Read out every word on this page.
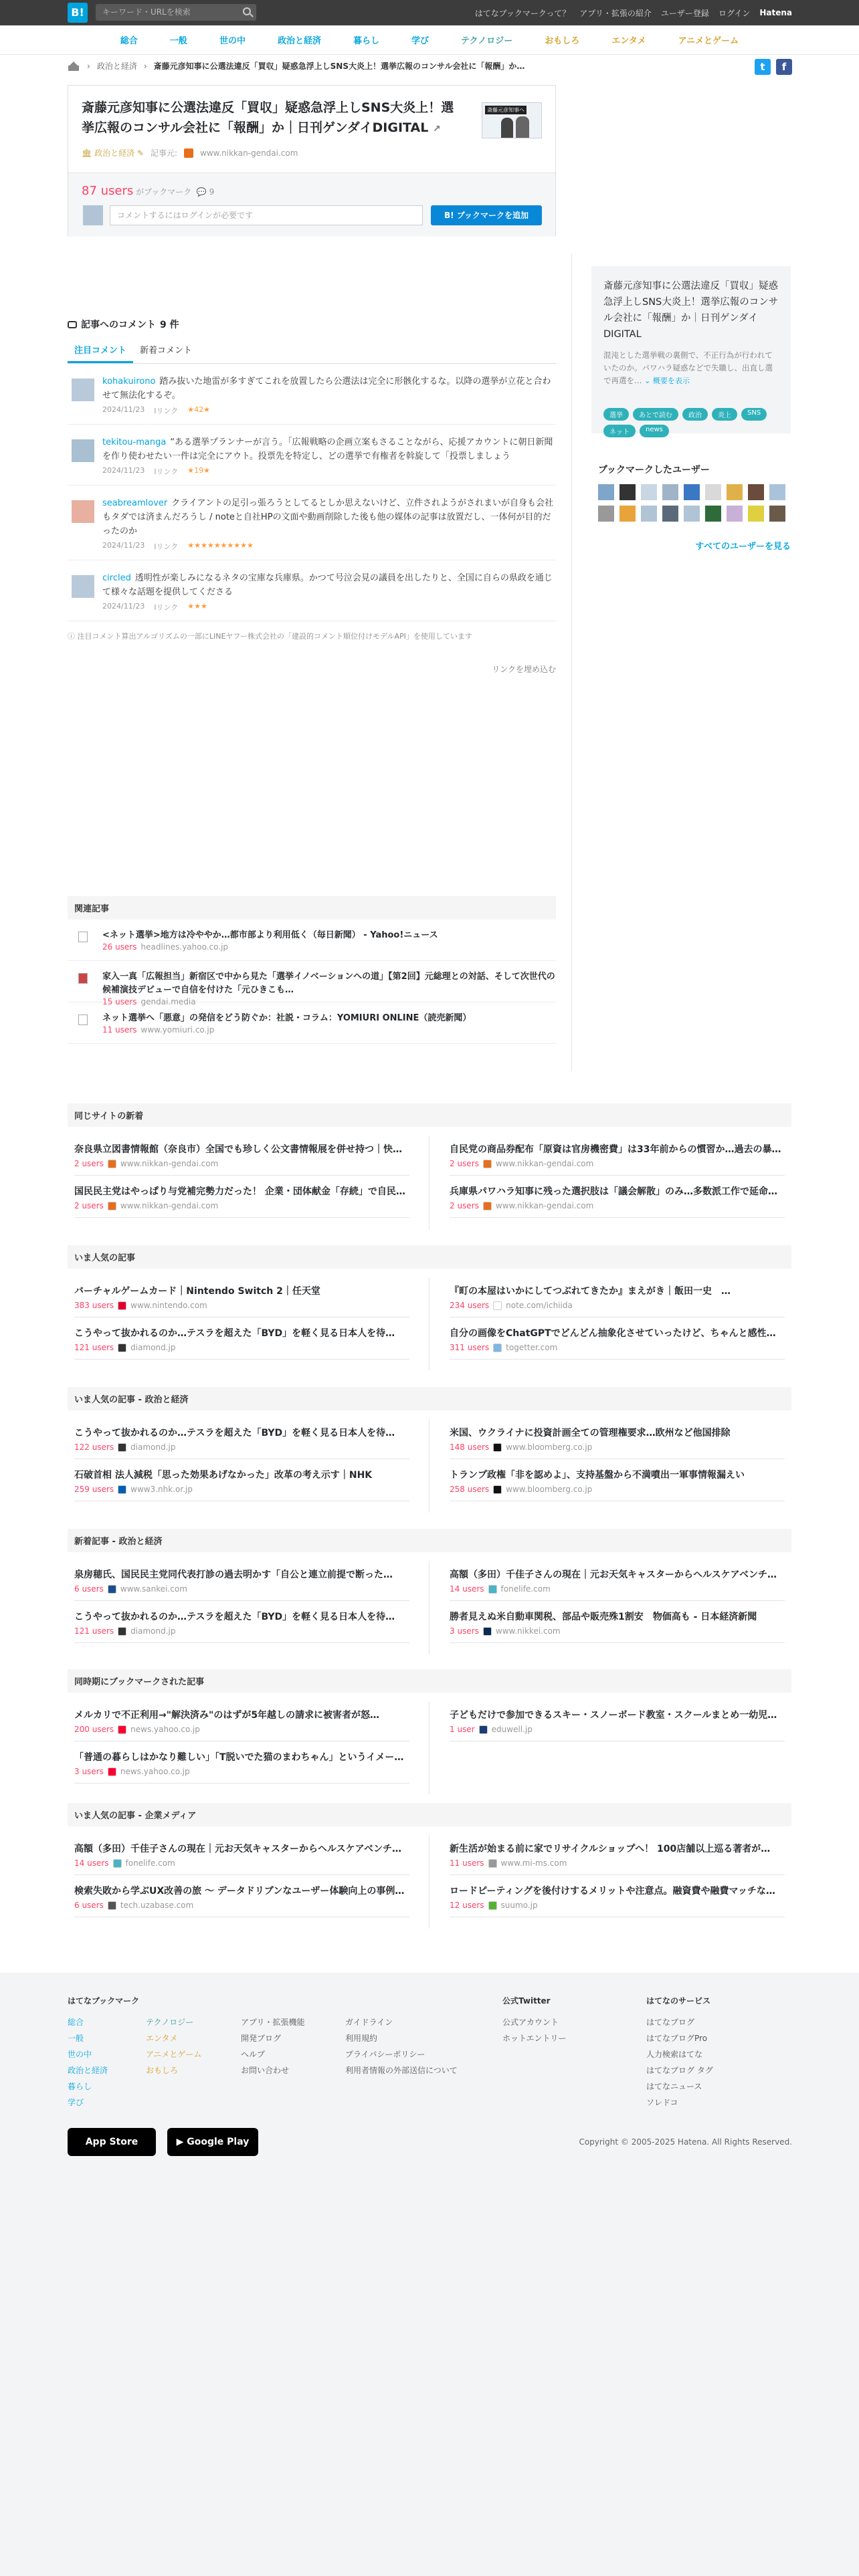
B!	キーワード・URLを検索	はてなブックマークって？ アプリ・拡張の紹介 ユーザー登録 ログイン Hatena
総合	一般	世の中	政治と経済	暮らし	学び	テクノロジー	おもしろ	エンタメ	アニメとゲーム
› 政治と経済 › 斎藤元彦知事に公選法違反「買収」疑惑急浮上しSNS大炎上！選挙広報のコンサル会社に「報酬」か…	t	f
斎藤元彦知事に公選法違反「買収」疑惑急浮上しSNS大炎上！選挙広報のコンサル会社に「報酬」か｜日刊ゲンダイDIGITAL ↗
斎藤元彦知事へ
🏛 政治と経済 ✎ 記事元:	www.nikkan-gendai.com
87 users がブックマーク  💬 9
コメントするにはログインが必要です	B! ブックマークを追加
斎藤元彦知事に公選法違反「買収」疑惑急浮上しSNS大炎上！選挙広報のコンサル会社に「報酬」か｜日刊ゲンダイDIGITAL

混沌とした選挙戦の裏側で、不正行為が行われていたのか。パワハラ疑惑などで失職し、出直し選で再選を… ⌄ 概要を表示

選挙	あとで読む	政治	炎上	SNS
ネット	news
ブックマークしたユーザー
すべてのユーザーを見る
記事へのコメント 9 件
注目コメント	新着コメント
kohakuirono 踏み抜いた地雷が多すぎてこれを放置したら公選法は完全に形骸化するな。以降の選挙が立花と合わせて無法化するぞ。
2024/11/23 lリンク ★42★
tekitou-manga “ある選挙プランナーが言う。「広報戦略の企画立案もさることながら、応援アカウントに朝日新聞を作り使わせたい一件は完全にアウト。投票先を特定し、どの選挙で有権者を斡旋して「投票しましょう
2024/11/23 lリンク ★19★
seabreamlover クライアントの足引っ張ろうとしてるとしか思えないけど、立件されようがされまいが自身も会社もタダでは済まんだろうし / noteと自社HPの文面や動画削除した後も他の媒体の記事は放置だし、一体何が目的だったのか
2024/11/23 lリンク ★★★★★★★★★★
circled 透明性が楽しみになるネタの宝庫な兵庫県。かつて号泣会見の議員を出したりと、全国に自らの県政を通じて様々な話題を提供してくださる
2024/11/23 lリンク ★★★
ⓘ 注目コメント算出アルゴリズムの一部にLINEヤフー株式会社の「建設的コメント順位付けモデルAPI」を使用しています
リンクを埋め込む
関連記事
<ネット選挙>地方は冷ややか…都市部より利用低く（毎日新聞） - Yahoo!ニュース
26 users headlines.yahoo.co.jp
家入一真「広報担当」新宿区で中から見た「選挙イノベーションへの道」【第2回】元総理との対話、そして次世代の候補演技デビューで自信を付けた「元ひきこも…
15 users gendai.media
ネット選挙へ「悪意」の発信をどう防ぐか：社説・コラム：YOMIURI ONLINE（読売新聞）
11 users www.yomiuri.co.jp
同じサイトの新着
奈良県立図書情報館（奈良市）全国でも珍しく公文書情報展を併せ持つ｜快…
2 users www.nikkan-gendai.com
自民党の商品券配布「原資は官房機密費」は33年前からの慣習か…過去の暴…
2 users www.nikkan-gendai.com
国民民主党はやっぱり与党補完勢力だった！ 企業・団体献金「存続」で自民…
2 users www.nikkan-gendai.com
兵庫県パワハラ知事に残った選択肢は「議会解散」のみ…多数派工作で延命…
2 users www.nikkan-gendai.com
いま人気の記事
バーチャルゲームカード｜Nintendo Switch 2｜任天堂
383 users www.nintendo.com
『町の本屋はいかにしてつぶれてきたか』まえがき｜飯田一史　…
234 users note.com/ichiida
こうやって抜かれるのか…テスラを超えた「BYD」を軽く見る日本人を待…
121 users diamond.jp
自分の画像をChatGPTでどんどん抽象化させていったけど、ちゃんと感性…
311 users togetter.com
いま人気の記事 - 政治と経済
こうやって抜かれるのか…テスラを超えた「BYD」を軽く見る日本人を待…
122 users diamond.jp
米国、ウクライナに投資計画全ての管理権要求…欧州など他国排除
148 users www.bloomberg.co.jp
石破首相 法人減税「思った効果あげなかった」改革の考え示す｜NHK
259 users www3.nhk.or.jp
トランプ政権「非を認めよ」、支持基盤から不満噴出一軍事情報漏えい
258 users www.bloomberg.co.jp
新着記事 - 政治と経済
泉房穂氏、国民民主党同代表打診の過去明かす「自公と連立前提で断った…
6 users www.sankei.com
高額（多田）千佳子さんの現在｜元お天気キャスターからヘルスケアベンチ…
14 users fonelife.com
こうやって抜かれるのか…テスラを超えた「BYD」を軽く見る日本人を待…
121 users diamond.jp
勝者見えぬ米自動車関税、部品や販売殊1割安　物価高も - 日本経済新聞
3 users www.nikkei.com
同時期にブックマークされた記事
メルカリで不正利用→"解決済み"のはずが5年越しの請求に被害者が怒…
200 users news.yahoo.co.jp
子どもだけで参加できるスキー・スノーボード教室・スクールまとめ一幼児…
1 user eduwell.jp
「普通の暮らしはかなり難しい」「T脱いでた猫のまわちゃん」というイメー…
3 users news.yahoo.co.jp
いま人気の記事 - 企業メディア
高額（多田）千佳子さんの現在｜元お天気キャスターからヘルスケアベンチ…
14 users fonelife.com
新生活が始まる前に家でリサイクルショップへ！ 100店舗以上巡る著者が…
11 users www.mi-ms.com
検索失敗から学ぶUX改善の旅 ～ データドリブンなユーザー体験向上の事例…
6 users tech.uzabase.com
ロードピーティングを後付けするメリットや注意点。融資費や融費マッチな…
12 users suumo.jp
はてなブックマーク
総合
一般
世の中
政治と経済
暮らし
学び
テクノロジー
エンタメ
アニメとゲーム
おもしろ
アプリ・拡張機能
開発ブログ
ヘルプ
お問い合わせ
ガイドライン
利用規約
プライバシーポリシー
利用者情報の外部送信について
公式Twitter
公式アカウント
ホットエントリー
はてなのサービス
はてなブログ
はてなブログPro
人力検索はてな
はてなブログ タグ
はてなニュース
ソレドコ
App Store	▶ Google Play	Copyright © 2005-2025 Hatena. All Rights Reserved.
